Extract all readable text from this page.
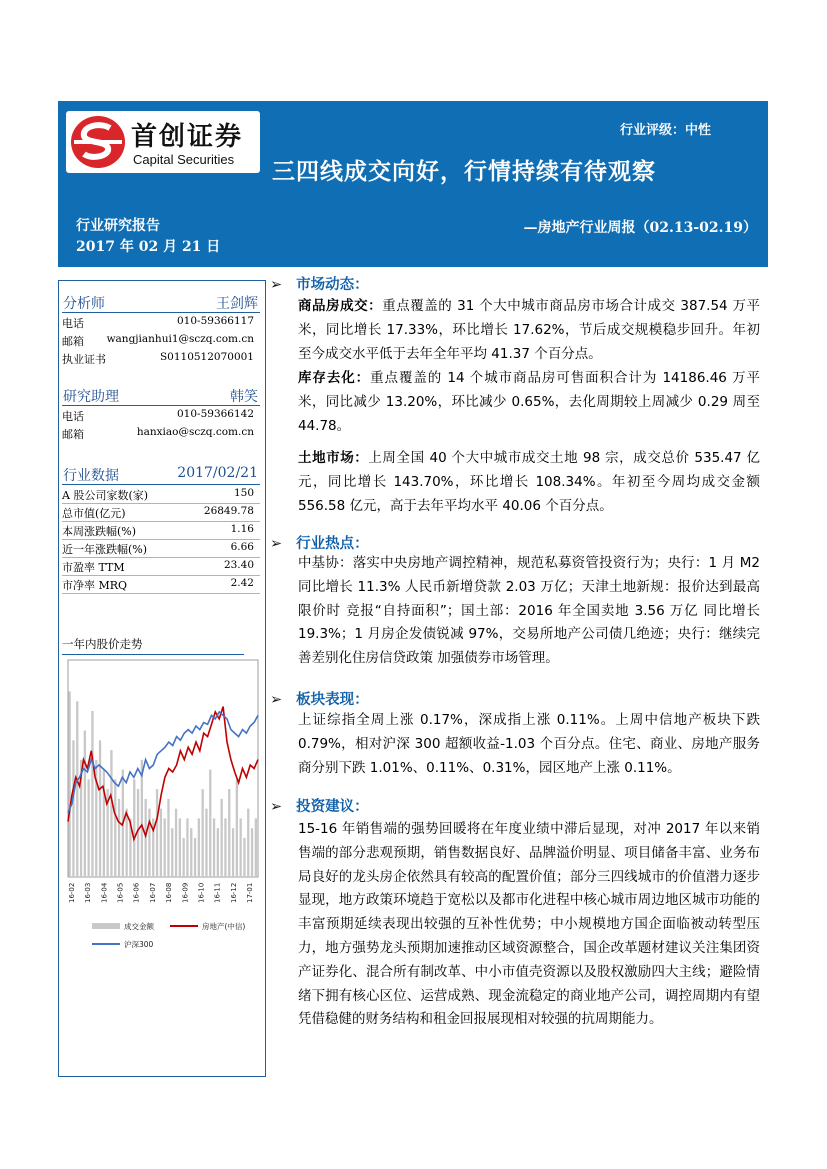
首创证券
Capital Securities
行业评级：中性
三四线成交向好，行情持续有待观察
行业研究报告
2017 年 02 月 21 日
—房地产行业周报（02.13-02.19）
分析师	王剑辉
电话	010-59366117
邮箱 wangjianhui1@sczq.com.cn
执业证书	S0110512070001
研究助理	韩笑
电话	010-59366142
邮箱	hanxiao@sczq.com.cn
行业数据	2017/02/21
A 股公司家数(家)	150
总市值(亿元)	26849.78
本周涨跌幅(%)	1.16
近一年涨跌幅(%)	6.66
市盈率 TTM	23.40
市净率 MRQ	2.42
一年内股价走势
16-02 16-03 16-04 16-05 16-06 16-07 16-08 16-09 16-10 16-11 16-12 17-01
成交金额	房地产(中信)
沪深300
➢ 市场动态：
商品房成交：重点覆盖的 31 个大中城市商品房市场合计成交 387.54 万平米，同比增长 17.33%，环比增长 17.62%，节后成交规模稳步回升。年初至今成交水平低于去年全年平均 41.37 个百分点。
库存去化：重点覆盖的 14 个城市商品房可售面积合计为 14186.46 万平米，同比减少 13.20%，环比减少 0.65%，去化周期较上周减少 0.29 周至 44.78。
土地市场：上周全国 40 个大中城市成交土地 98 宗，成交总价 535.47 亿元，同比增长 143.70%，环比增长 108.34%。年初至今周均成交金额 556.58 亿元，高于去年平均水平 40.06 个百分点。
➢ 行业热点：
中基协：落实中央房地产调控精神，规范私募资管投资行为；央行：1 月 M2 同比增长 11.3% 人民币新增贷款 2.03 万亿；天津土地新规：报价达到最高限价时 竞报“自持面积”；国土部：2016 年全国卖地 3.56 万亿 同比增长 19.3%；1 月房企发债锐减 97%，交易所地产公司债几绝迹；央行：继续完善差别化住房信贷政策 加强债券市场管理。
➢ 板块表现：
上证综指全周上涨 0.17%，深成指上涨 0.11%。上周中信地产板块下跌 0.79%，相对沪深 300 超额收益-1.03 个百分点。住宅、商业、房地产服务商分别下跌 1.01%、0.11%、0.31%，园区地产上涨 0.11%。
➢ 投资建议：
15-16 年销售端的强势回暖将在年度业绩中滞后显现，对冲 2017 年以来销售端的部分悲观预期，销售数据良好、品牌溢价明显、项目储备丰富、业务布局良好的龙头房企依然具有较高的配置价值；部分三四线城市的价值潜力逐步显现，地方政策环境趋于宽松以及都市化进程中核心城市周边地区城市功能的丰富预期延续表现出较强的互补性优势；中小规模地方国企面临被动转型压力，地方强势龙头预期加速推动区域资源整合，国企改革题材建议关注集团资产证券化、混合所有制改革、中小市值壳资源以及股权激励四大主线；避险情绪下拥有核心区位、运营成熟、现金流稳定的商业地产公司，调控周期内有望凭借稳健的财务结构和租金回报展现相对较强的抗周期能力。
